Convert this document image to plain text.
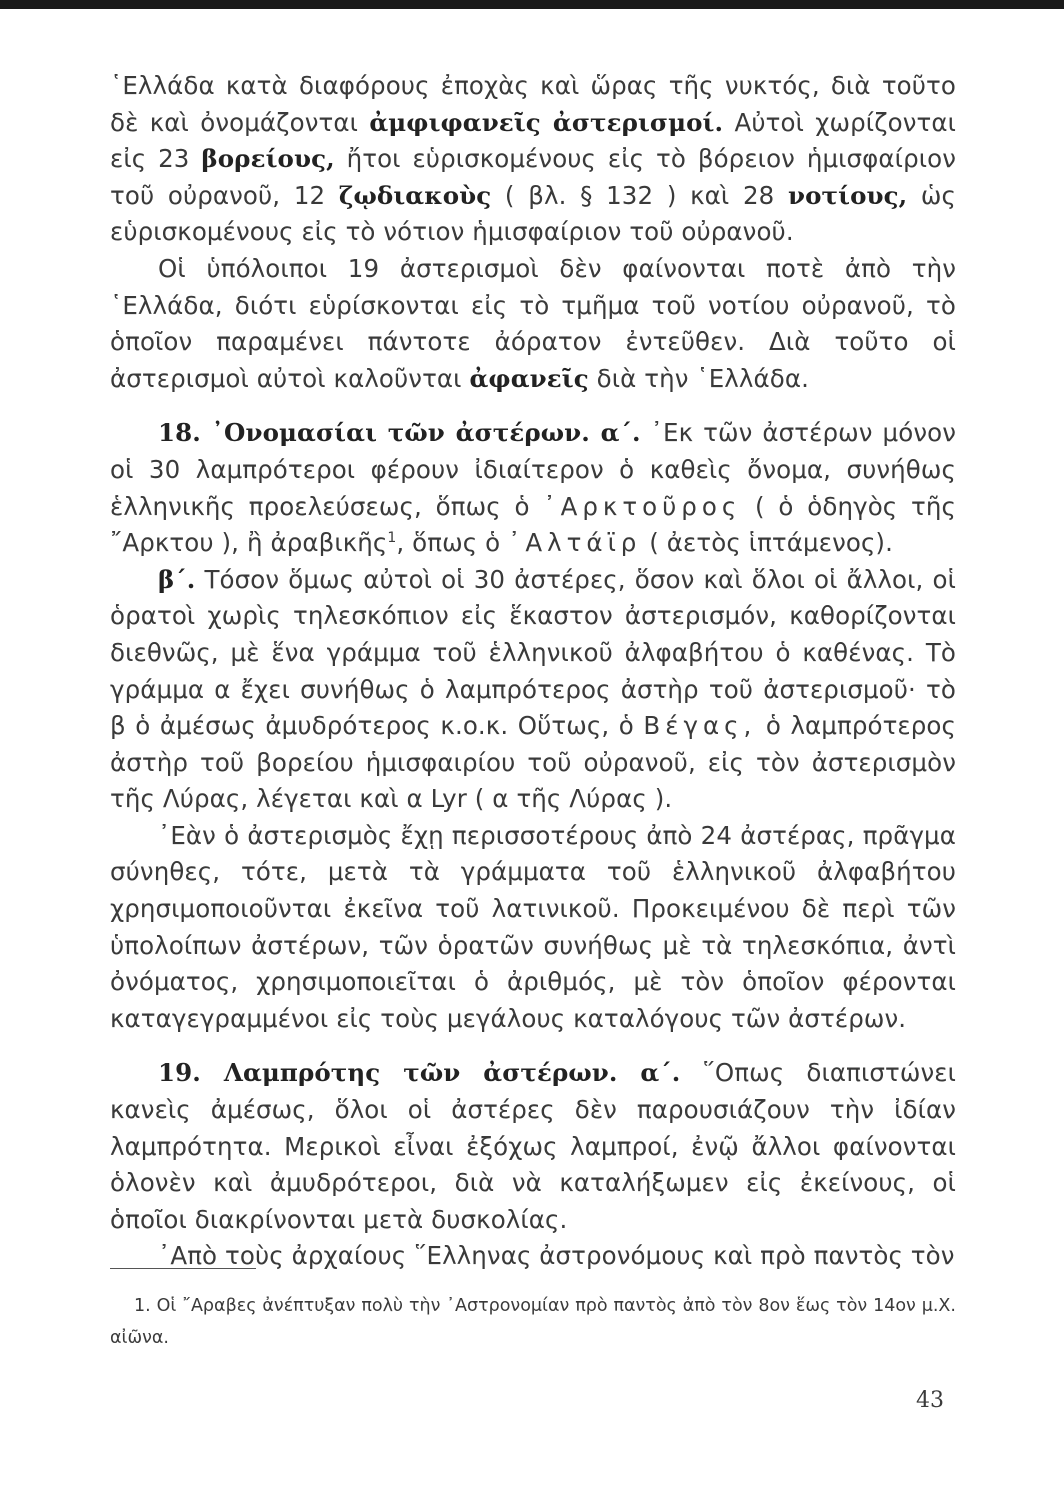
῾Ελλάδα κατὰ διαφόρους ἐποχὰς καὶ ὥρας τῆς νυκτός, διὰ τοῦτο δὲ καὶ ὀνομάζονται ἀμφιφανεῖς ἀστερισμοί. Αὐτοὶ χωρίζονται εἰς 23 βορείους, ἤτοι εὑρισκομένους εἰς τὸ βόρειον ἡμισφαίριον τοῦ οὐρανοῦ, 12 ζῳδιακοὺς ( βλ. § 132 ) καὶ 28 νοτίους, ὡς εὑρισκομένους εἰς τὸ νότιον ἡμισφαίριον τοῦ οὐρανοῦ.

Οἱ ὑπόλοιποι 19 ἀστερισμοὶ δὲν φαίνονται ποτὲ ἀπὸ τὴν ῾Ελλάδα, διότι εὑρίσκονται εἰς τὸ τμῆμα τοῦ νοτίου οὐρανοῦ, τὸ ὁποῖον παραμένει πάντοτε ἀόρατον ἐντεῦθεν. Διὰ τοῦτο οἱ ἀστερισμοὶ αὐτοὶ καλοῦνται ἀφανεῖς διὰ τὴν ῾Ελλάδα.

18. ᾿Ονομασίαι τῶν ἀστέρων. α΄. ᾿Εκ τῶν ἀστέρων μόνον οἱ 30 λαμπρότεροι φέρουν ἰδιαίτερον ὁ καθεὶς ὄνομα, συνήθως ἑλληνικῆς προελεύσεως, ὅπως ὁ ᾿Αρκτοῦρος ( ὁ ὁδηγὸς τῆς ῎Αρκτου ), ἢ ἀραβικῆς$^1$, ὅπως ὁ ᾿Αλτάϊρ ( ἀετὸς ἱπτάμενος).

β΄. Τόσον ὅμως αὐτοὶ οἱ 30 ἀστέρες, ὅσον καὶ ὅλοι οἱ ἄλλοι, οἱ ὁρατοὶ χωρὶς τηλεσκόπιον εἰς ἕκαστον ἀστερισμόν, καθορίζονται διεθνῶς, μὲ ἕνα γράμμα τοῦ ἑλληνικοῦ ἀλφαβήτου ὁ καθένας. Τὸ γράμμα α ἔχει συνήθως ὁ λαμπρότερος ἀστὴρ τοῦ ἀστερισμοῦ· τὸ β ὁ ἀμέσως ἀμυδρότερος κ.ο.κ. Οὕτως, ὁ Βέγας, ὁ λαμπρότερος ἀστὴρ τοῦ βορείου ἡμισφαιρίου τοῦ οὐρανοῦ, εἰς τὸν ἀστερισμὸν τῆς Λύρας, λέγεται καὶ α Lyr ( α τῆς Λύρας ).

᾿Εὰν ὁ ἀστερισμὸς ἔχῃ περισσοτέρους ἀπὸ 24 ἀστέρας, πρᾶγμα σύνηθες, τότε, μετὰ τὰ γράμματα τοῦ ἑλληνικοῦ ἀλφαβήτου χρησιμοποιοῦνται ἐκεῖνα τοῦ λατινικοῦ. Προκειμένου δὲ περὶ τῶν ὑπολοίπων ἀστέρων, τῶν ὁρατῶν συνήθως μὲ τὰ τηλεσκόπια, ἀντὶ ὀνόματος, χρησιμοποιεῖται ὁ ἀριθμός, μὲ τὸν ὁποῖον φέρονται καταγεγραμμένοι εἰς τοὺς μεγάλους καταλόγους τῶν ἀστέρων.

19. Λαμπρότης τῶν ἀστέρων. α΄. ῞Οπως διαπιστώνει κανεὶς ἀμέσως, ὅλοι οἱ ἀστέρες δὲν παρουσιάζουν τὴν ἰδίαν λαμπρότητα. Μερικοὶ εἶναι ἐξόχως λαμπροί, ἐνῷ ἄλλοι φαίνονται ὁλονὲν καὶ ἀμυδρότεροι, διὰ νὰ καταλήξωμεν εἰς ἐκείνους, οἱ ὁποῖοι διακρίνονται μετὰ δυσκολίας.

᾿Απὸ τοὺς ἀρχαίους ῞Ελληνας ἀστρονόμους καὶ πρὸ παντὸς τὸν

1. Οἱ ῎Αραβες ἀνέπτυξαν πολὺ τὴν ᾿Αστρονομίαν πρὸ παντὸς ἀπὸ τὸν 8ον ἕως τὸν 14ον μ.Χ. αἰῶνα.
43
